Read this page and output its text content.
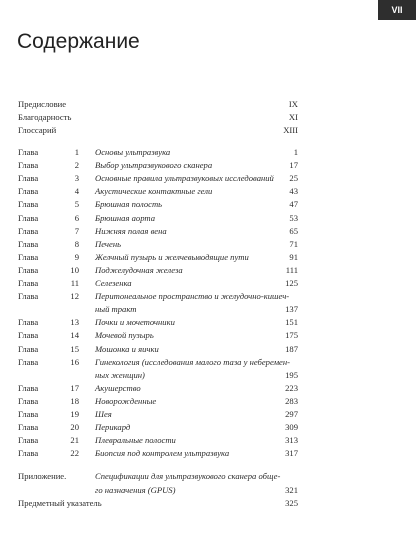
VII
Содержание
Предисловие	IX
Благодарность	XI
Глоссарий	XIII
Глава	1 Основы ультразвука	1
Глава	2 Выбор ультразвукового сканера	17
Глава	3 Основные правила ультразвуковых исследований 25
Глава	4 Акустические контактные гели	43
Глава	5 Брюшная полость	47
Глава	6 Брюшная аорта	53
Глава	7 Нижняя полая вена	65
Глава	8 Печень	71
Глава	9 Желчный пузырь и желчевыводящие пути	91
Глава	10 Поджелудочная железа	111
Глава	11 Селезенка	125
Глава	12 Перитонеальное пространство и желудочно-кишеч-
ный тракт	137
Глава	13 Почки и мочеточники	151
Глава	14 Мочевой пузырь	175
Глава	15 Мошонка и яички	187
Глава	16 Гинекология (исследования малого таза у неберемен-
ных женщин)	195
Глава	17 Акушерство	223
Глава	18 Новорожденные	283
Глава	19 Шея	297
Глава	20 Перикард	309
Глава	21 Плевральные полости	313
Глава	22 Биопсия под контролем ультразвука	317
Приложение.	Спецификации для ультразвукового сканера обще-
го назначения (GPUS)	321
Предметный указатель	325
